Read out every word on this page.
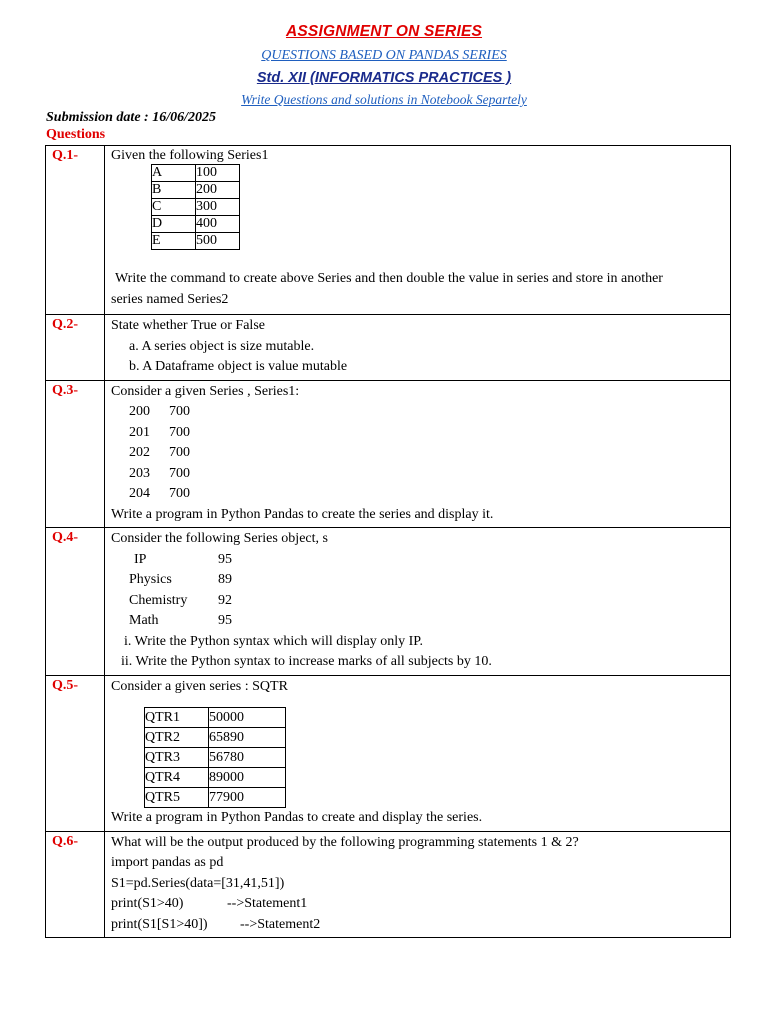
ASSIGNMENT ON SERIES
QUESTIONS BASED ON PANDAS SERIES
Std. XII (INFORMATICS PRACTICES )
Write Questions and solutions in Notebook Separtely
Submission date : 16/06/2025
Questions
Q.1-	Given the following Series1
A	100
B	200
C	300
D	400
E	500
Write the command to create above Series and then double the value in series and store in another
series named Series2

Q.2-	State whether True or False
a. A series object is size mutable.
b. A Dataframe object is value mutable

Q.3-	Consider a given Series , Series1:
200	700
201	700
202	700
203	700
204	700
Write a program in Python Pandas to create the series and display it.

Q.4-	Consider the following Series object, s
IP	95
Physics	89
Chemistry	92
Math	95
i. Write the Python syntax which will display only IP.
ii. Write the Python syntax to increase marks of all subjects by 10.

Q.5-	Consider a given series : SQTR
QTR1	50000
QTR2	65890
QTR3	56780
QTR4	89000
QTR5	77900
Write a program in Python Pandas to create and display the series.

Q.6-	What will be the output produced by the following programming statements 1 & 2?
import pandas as pd
S1=pd.Series(data=[31,41,51])
print(S1>40)	-->Statement1
print(S1[S1>40])	-->Statement2
